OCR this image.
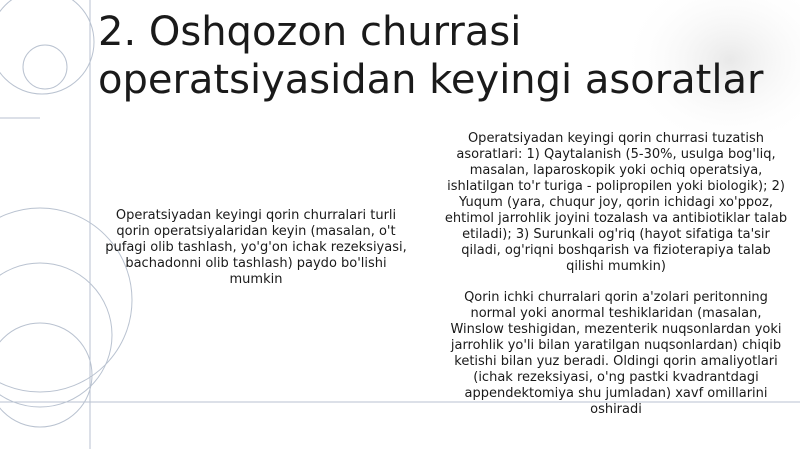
2. Oshqozon churrasi
operatsiyasidan keyingi asoratlar

Operatsiyadan keyingi qorin churralari turli qorin operatsiyalaridan keyin (masalan, o't pufagi olib tashlash, yo'g'on ichak rezeksiyasi, bachadonni olib tashlash) paydo bo'lishi mumkin

Operatsiyadan keyingi qorin churrasi tuzatish asoratlari: 1) Qaytalanish (5-30%, usulga bog'liq, masalan, laparoskopik yoki ochiq operatsiya, ishlatilgan to'r turiga - polipropilen yoki biologik); 2) Yuqum (yara, chuqur joy, qorin ichidagi xo'ppoz, ehtimol jarrohlik joyini tozalash va antibiotiklar talab etiladi); 3) Surunkali og'riq (hayot sifatiga ta'sir qiladi, og'riqni boshqarish va fizioterapiya talab qilishi mumkin)

Qorin ichki churralari qorin a'zolari peritonning normal yoki anormal teshiklaridan (masalan, Winslow teshigidan, mezenterik nuqsonlardan yoki jarrohlik yo'li bilan yaratilgan nuqsonlardan) chiqib ketishi bilan yuz beradi. Oldingi qorin amaliyotlari (ichak rezeksiyasi, o'ng pastki kvadrantdagi appendektomiya shu jumladan) xavf omillarini oshiradi
